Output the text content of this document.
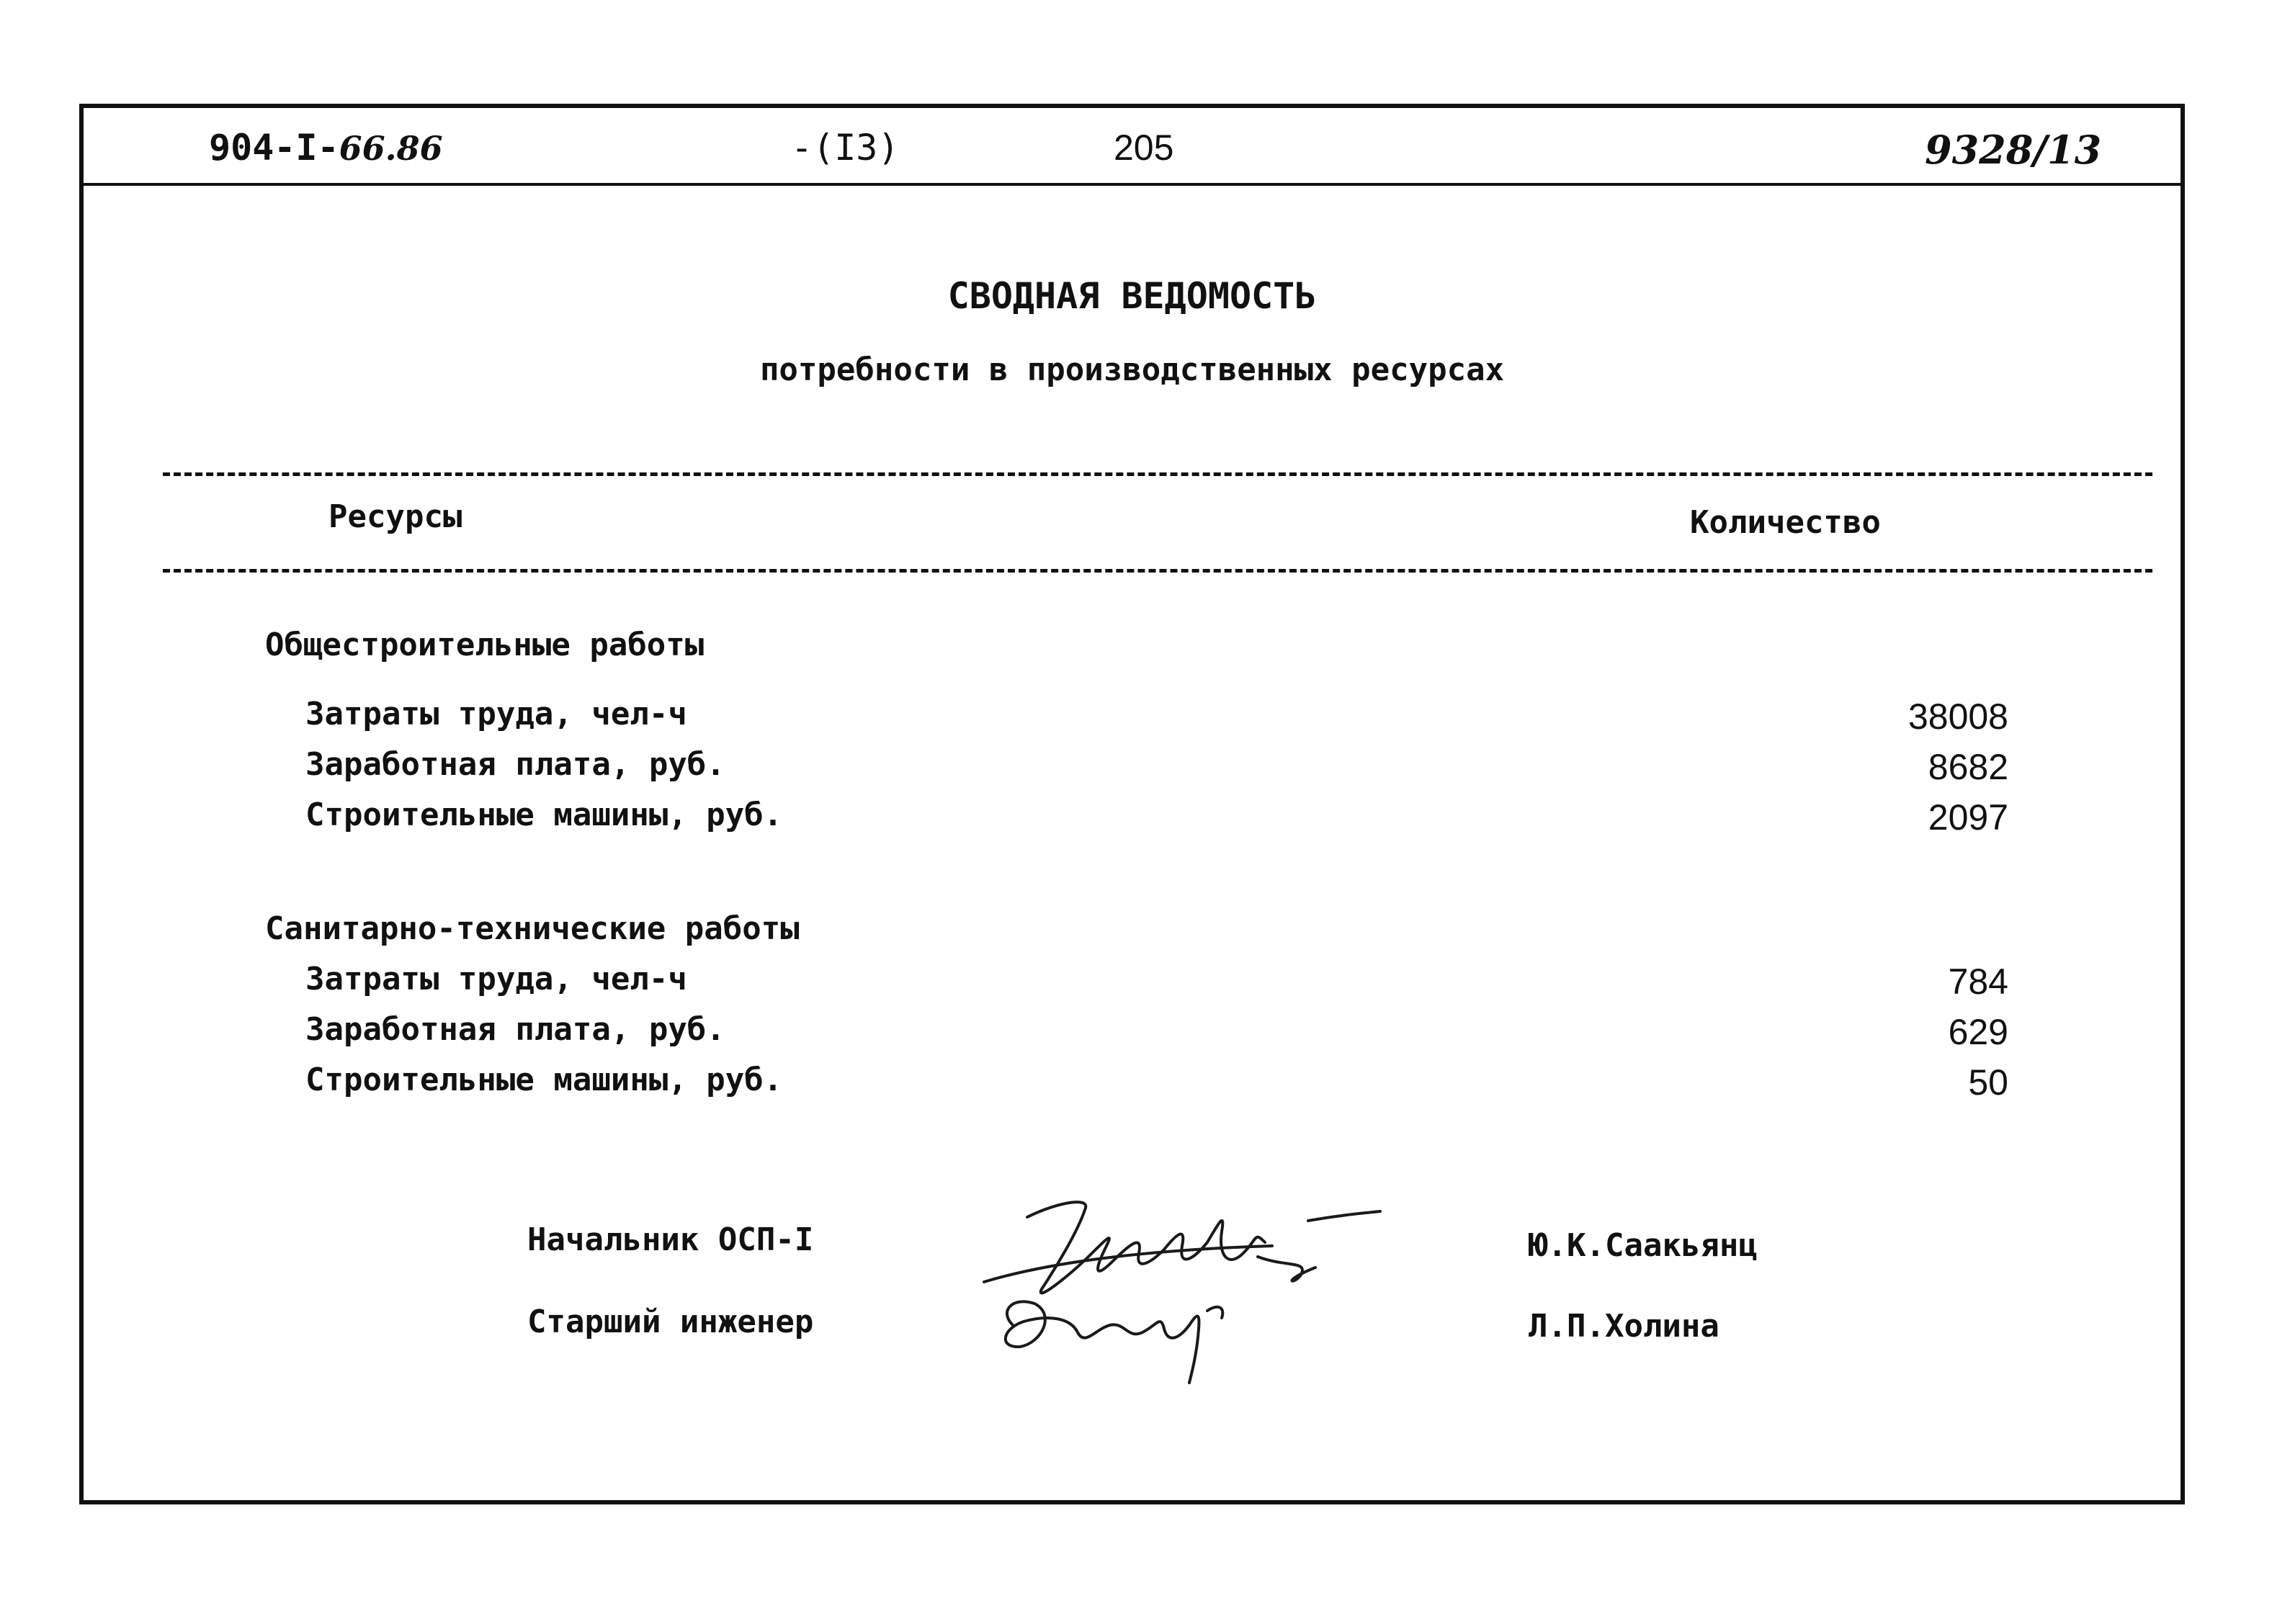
904-I-66.86	-(I3)	205	9328/13
СВОДНАЯ ВЕДОМОСТЬ
потребности в производственных ресурсах
Ресурсы	Количество
Общестроительные работы
Затраты труда, чел-ч	38008
Заработная плата, руб.	8682
Строительные машины, руб.	2097
Санитарно-технические работы
Затраты труда, чел-ч	784
Заработная плата, руб.	629
Строительные машины, руб.	50
Начальник ОСП-I	Ю.К.Саакьянц
Старший инженер	Л.П.Холина
